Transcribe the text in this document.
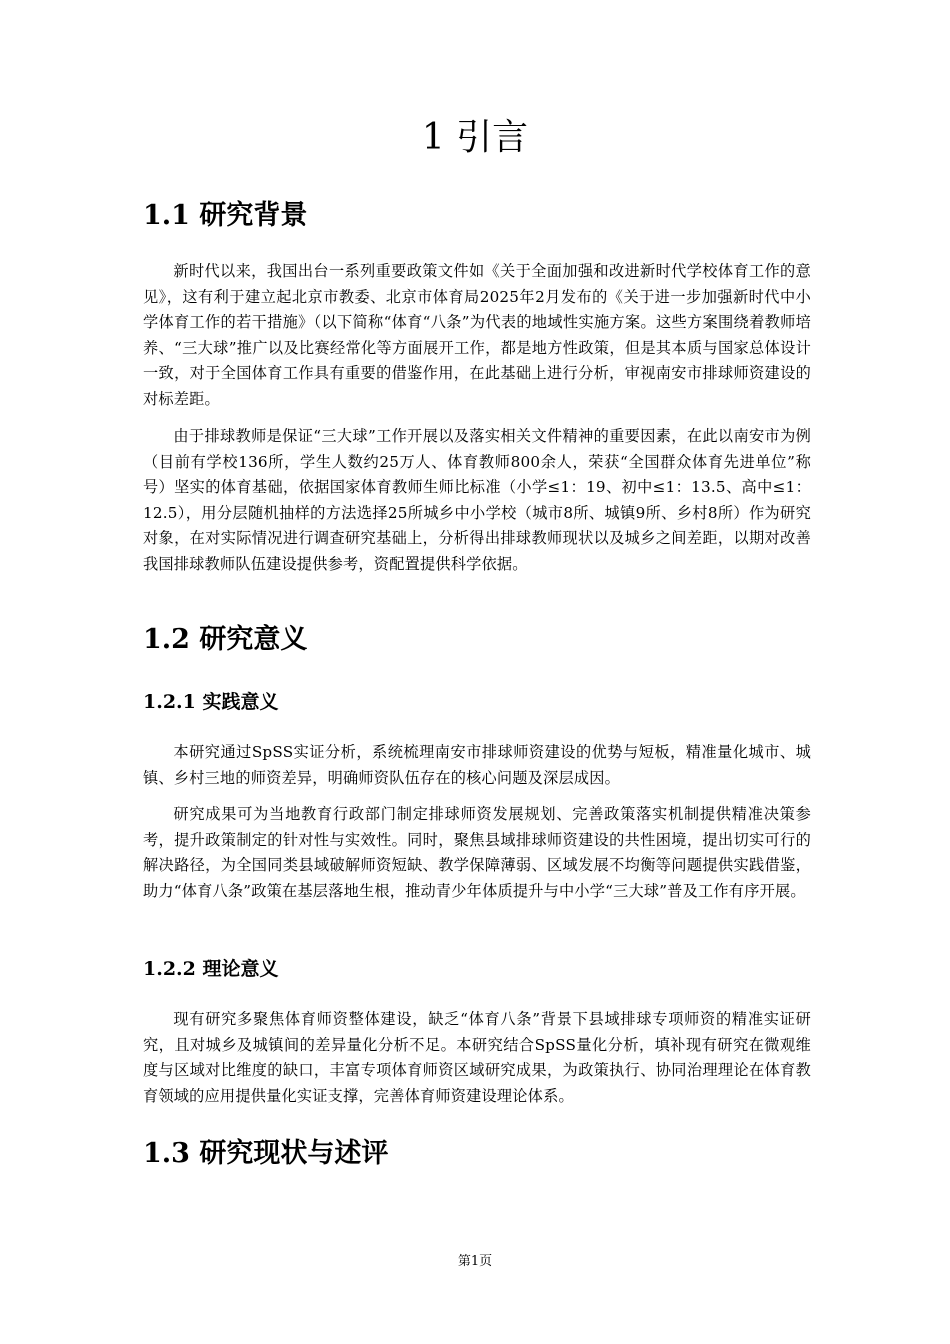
1 引言
1.1 研究背景

新时代以来，我国出台一系列重要政策文件如《关于全面加强和改进新时代学校体育工作的意见》，这有利于建立起北京市教委、北京市体育局2025年2月发布的《关于进一步加强新时代中小学体育工作的若干措施》（以下简称“体育“八条”为代表的地域性实施方案。这些方案围绕着教师培养、“三大球”推广以及比赛经常化等方面展开工作，都是地方性政策，但是其本质与国家总体设计一致，对于全国体育工作具有重要的借鉴作用，在此基础上进行分析，审视南安市排球师资建设的对标差距。

由于排球教师是保证“三大球”工作开展以及落实相关文件精神的重要因素，在此以南安市为例（目前有学校136所，学生人数约25万人、体育教师800余人，荣获“全国群众体育先进单位”称号）坚实的体育基础，依据国家体育教师生师比标准（小学≤1：19、初中≤1：13.5、高中≤1：12.5），用分层随机抽样的方法选择25所城乡中小学校（城市8所、城镇9所、乡村8所）作为研究对象，在对实际情况进行调查研究基础上，分析得出排球教师现状以及城乡之间差距，以期对改善我国排球教师队伍建设提供参考，资配置提供科学依据。

1.2 研究意义
1.2.1 实践意义

本研究通过SpSS实证分析，系统梳理南安市排球师资建设的优势与短板，精准量化城市、城镇、乡村三地的师资差异，明确师资队伍存在的核心问题及深层成因。

研究成果可为当地教育行政部门制定排球师资发展规划、完善政策落实机制提供精准决策参考，提升政策制定的针对性与实效性。同时，聚焦县域排球师资建设的共性困境，提出切实可行的解决路径，为全国同类县域破解师资短缺、教学保障薄弱、区域发展不均衡等问题提供实践借鉴，助力“体育八条”政策在基层落地生根，推动青少年体质提升与中小学“三大球”普及工作有序开展。

1.2.2 理论意义

现有研究多聚焦体育师资整体建设，缺乏“体育八条”背景下县域排球专项师资的精准实证研究，且对城乡及城镇间的差异量化分析不足。本研究结合SpSS量化分析，填补现有研究在微观维度与区域对比维度的缺口，丰富专项体育师资区域研究成果，为政策执行、协同治理理论在体育教育领域的应用提供量化实证支撑，完善体育师资建设理论体系。

1.3 研究现状与述评
第1页
